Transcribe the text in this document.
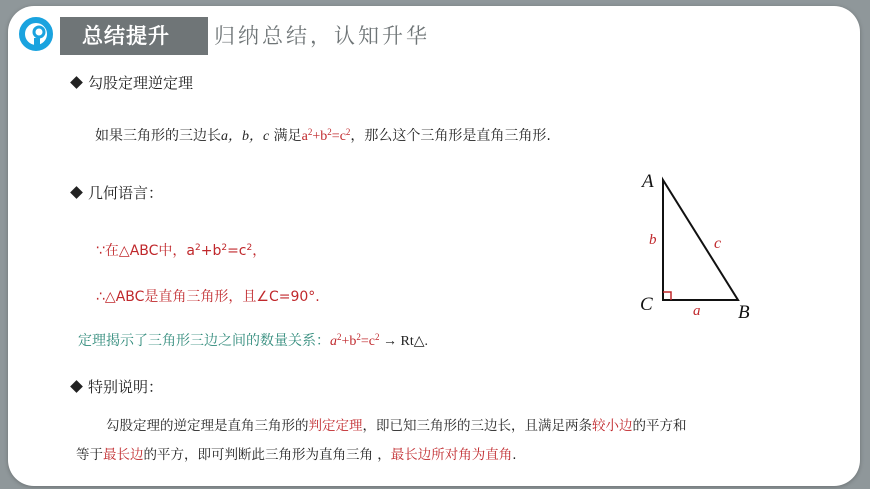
总结提升	归纳总结，认知升华
勾股定理逆定理
如果三角形的三边长a，b，c 满足$a^2+b^2=c^2$，那么这个三角形是直角三角形.
几何语言：
∵在△ABC中，$a^2+b^2=c^2$，
∴△ABC是直角三角形，且∠C=90°.
定理揭示了三角形三边之间的数量关系：$a^2+b^2=c^2$ → Rt△.
特别说明：
勾股定理的逆定理是直角三角形的判定定理，即已知三角形的三边长，且满足两条较小边的平方和
等于最长边的平方，即可判断此三角形为直角三角 ，最长边所对角为直角.
A
C	B
b	c
a
